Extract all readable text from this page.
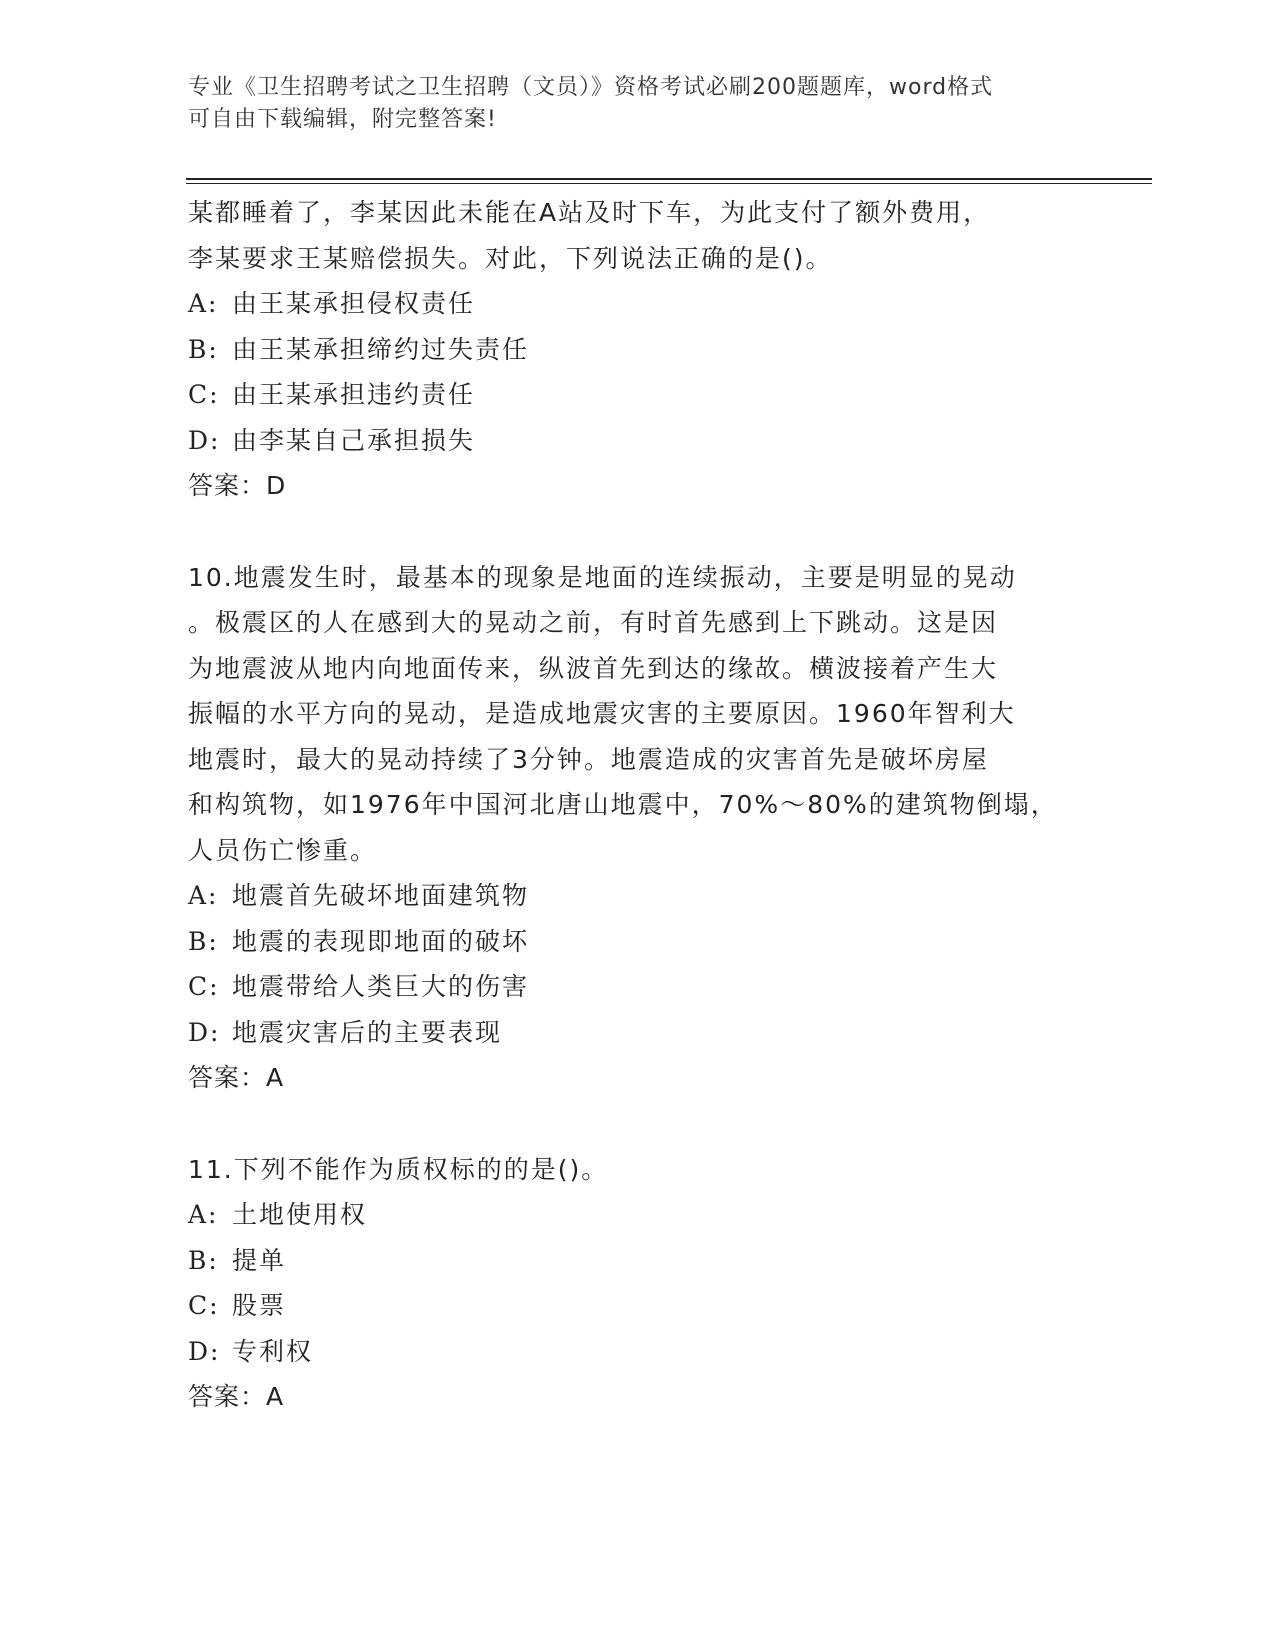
专业《卫生招聘考试之卫生招聘（文员）》资格考试必刷200题题库，word格式
可自由下载编辑，附完整答案!
某都睡着了，李某因此未能在A站及时下车，为此支付了额外费用，
李某要求王某赔偿损失。对此，下列说法正确的是()。
A: 由王某承担侵权责任
B: 由王某承担缔约过失责任
C: 由王某承担违约责任
D: 由李某自己承担损失
答案：D
10.地震发生时，最基本的现象是地面的连续振动，主要是明显的晃动
。极震区的人在感到大的晃动之前，有时首先感到上下跳动。这是因
为地震波从地内向地面传来，纵波首先到达的缘故。横波接着产生大
振幅的水平方向的晃动，是造成地震灾害的主要原因。1960年智利大
地震时，最大的晃动持续了3分钟。地震造成的灾害首先是破坏房屋
和构筑物，如1976年中国河北唐山地震中，70%～80%的建筑物倒塌，
人员伤亡惨重。
A: 地震首先破坏地面建筑物
B: 地震的表现即地面的破坏
C: 地震带给人类巨大的伤害
D: 地震灾害后的主要表现
答案：A
11.下列不能作为质权标的的是()。
A: 土地使用权
B: 提单
C: 股票
D: 专利权
答案：A
